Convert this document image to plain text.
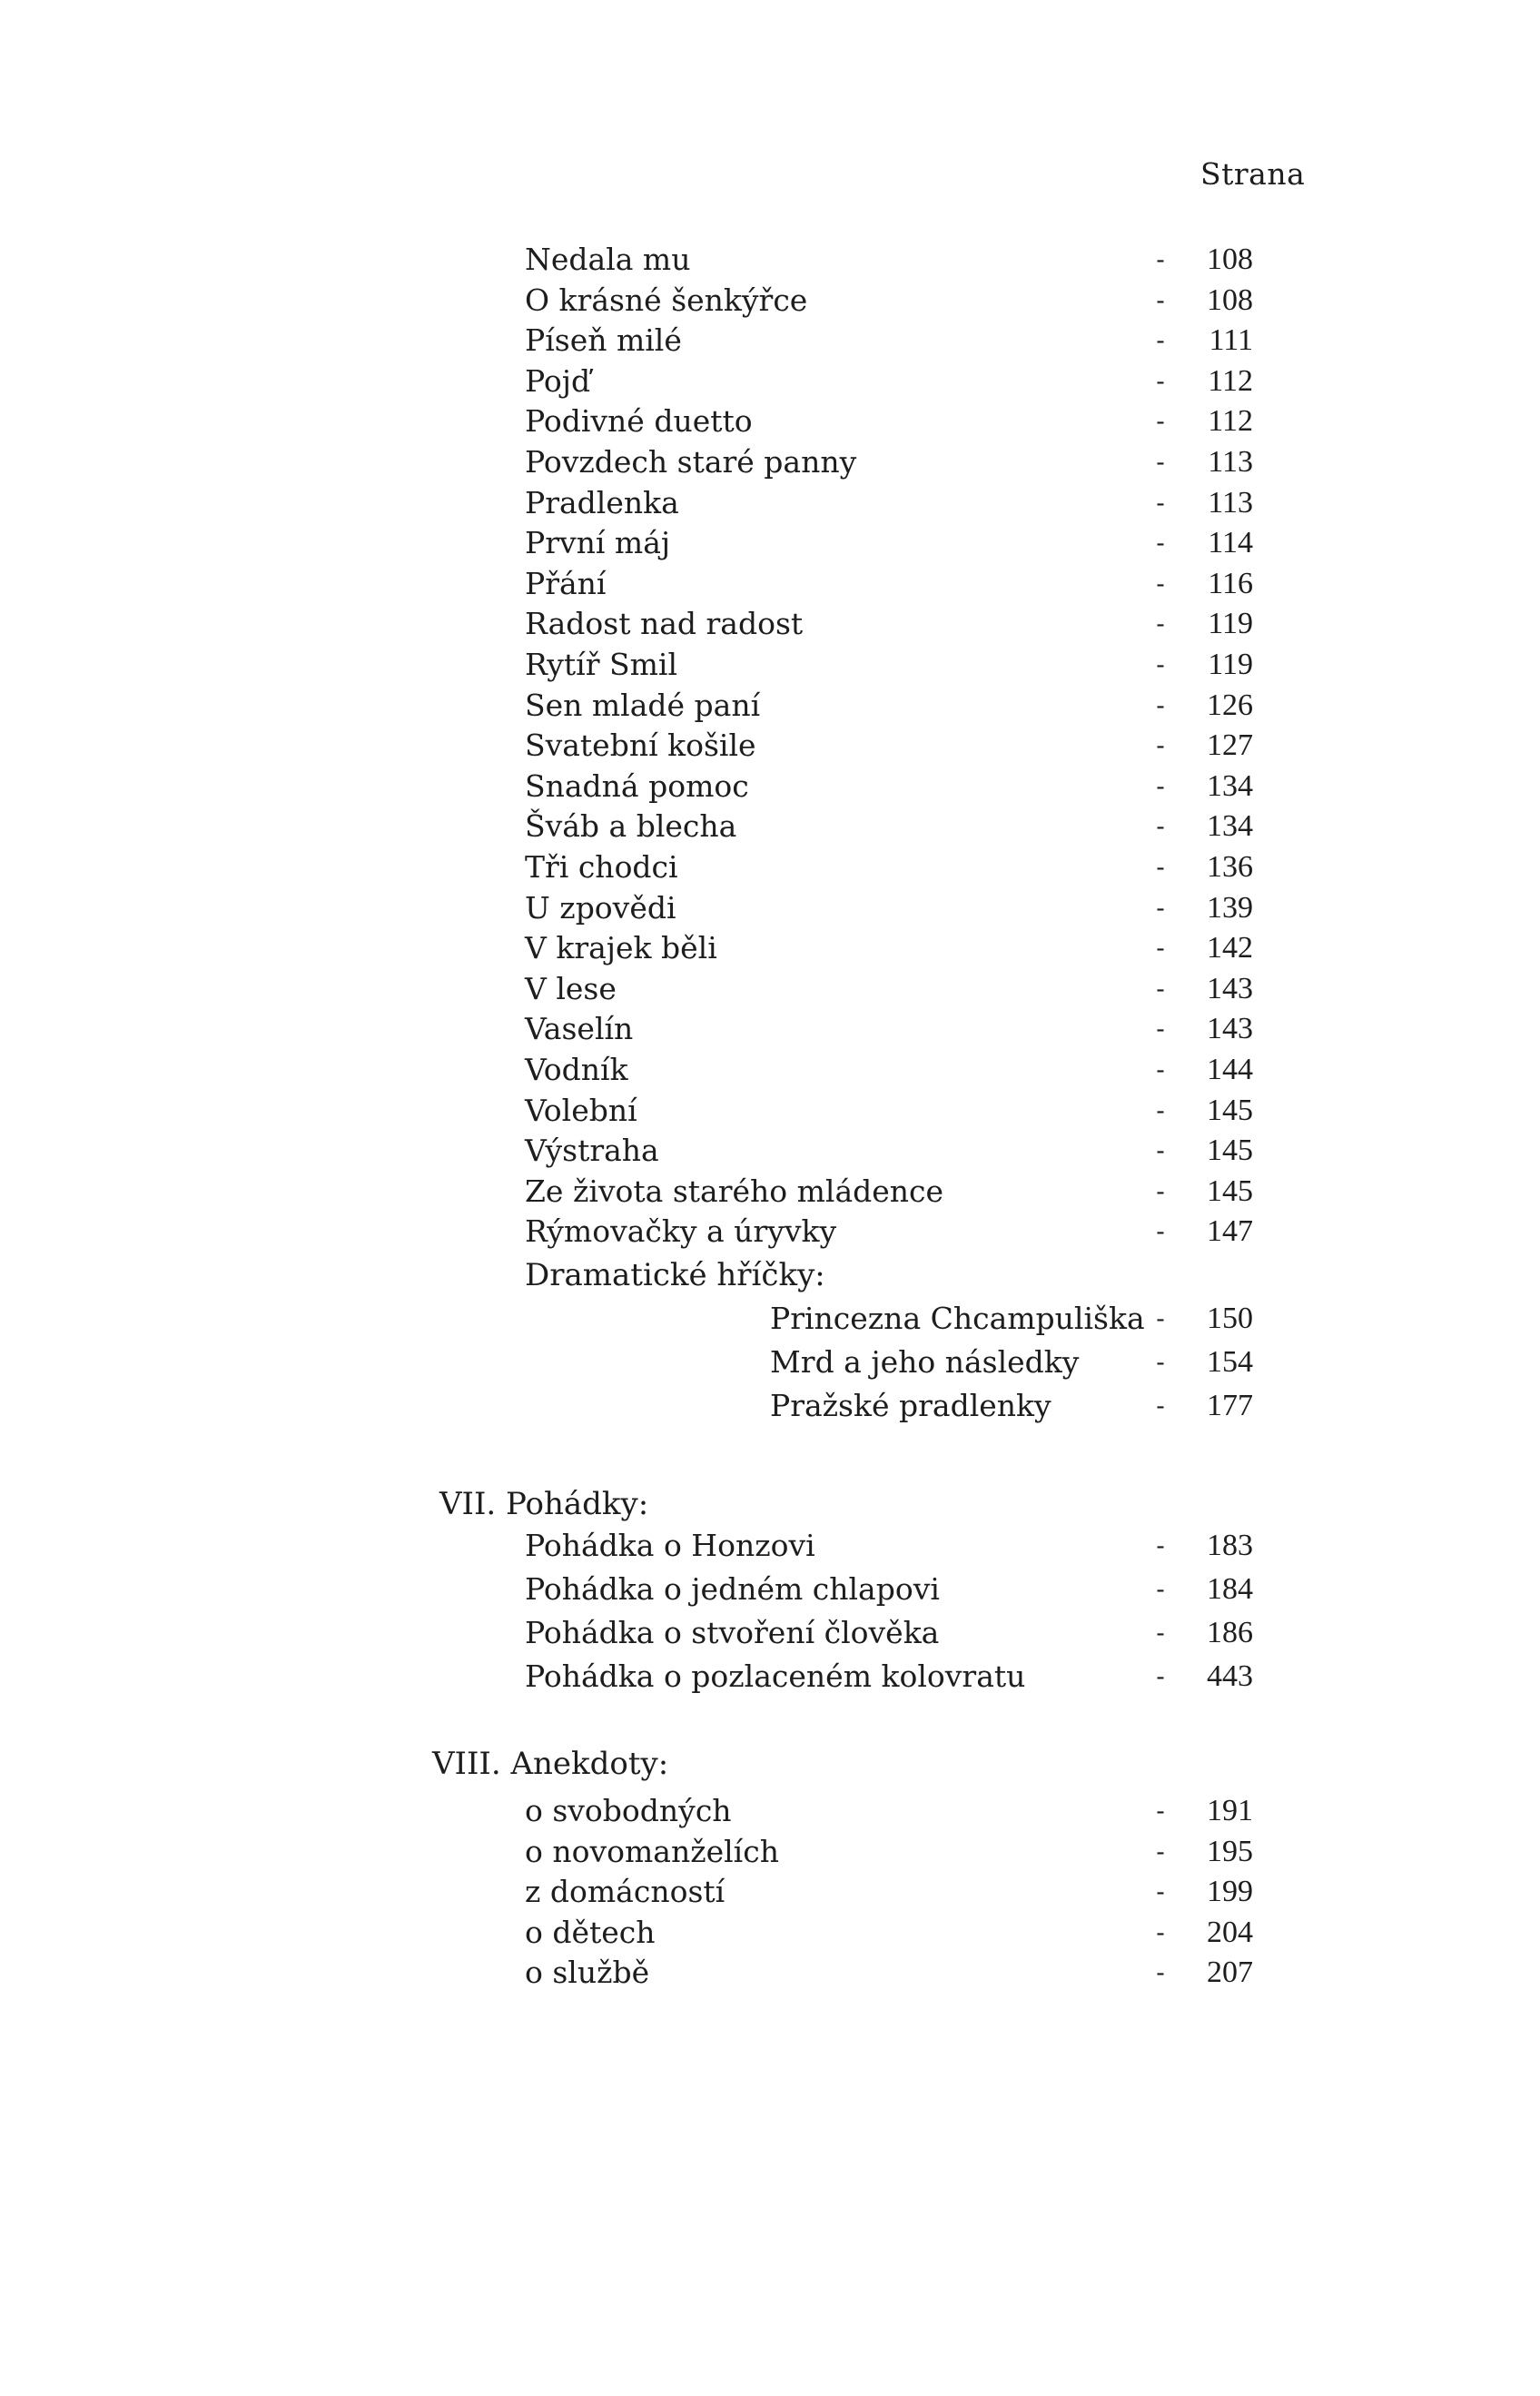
Strana
Nedala mu	- 108
O krásné šenkýřce	- 108
Píseň milé	-	111
Pojď	-	112
Podivné duetto	-	112
Povzdech staré panny	-	113
Pradlenka	-	113
První máj	-	114
Přání	-	116
Radost nad radost	-	119
Rytíř Smil	-	119
Sen mladé paní	- 126
Svatební košile	- 127
Snadná pomoc	- 134
Šváb a blecha	- 134
Tři chodci	- 136
U zpovědi	- 139
V krajek běli	- 142
V lese	- 143
Vaselín	- 143
Vodník	- 144
Volební	- 145
Výstraha	- 145
Ze života starého mládence	- 145
Rýmovačky a úryvky	- 147
Dramatické hříčky:
Princezna Chcampuliška - 150
Mrd a jeho následky	- 154
Pražské pradlenky	- 177
VII. Pohádky:
Pohádka o Honzovi	- 183
Pohádka o jedném chlapovi	- 184
Pohádka o stvoření člověka	- 186
Pohádka o pozlaceném kolovratu	- 443
VIII. Anekdoty:
o svobodných	- 191
o novomanželích	- 195
z domácností	- 199
o dětech	- 204
o službě	- 207
